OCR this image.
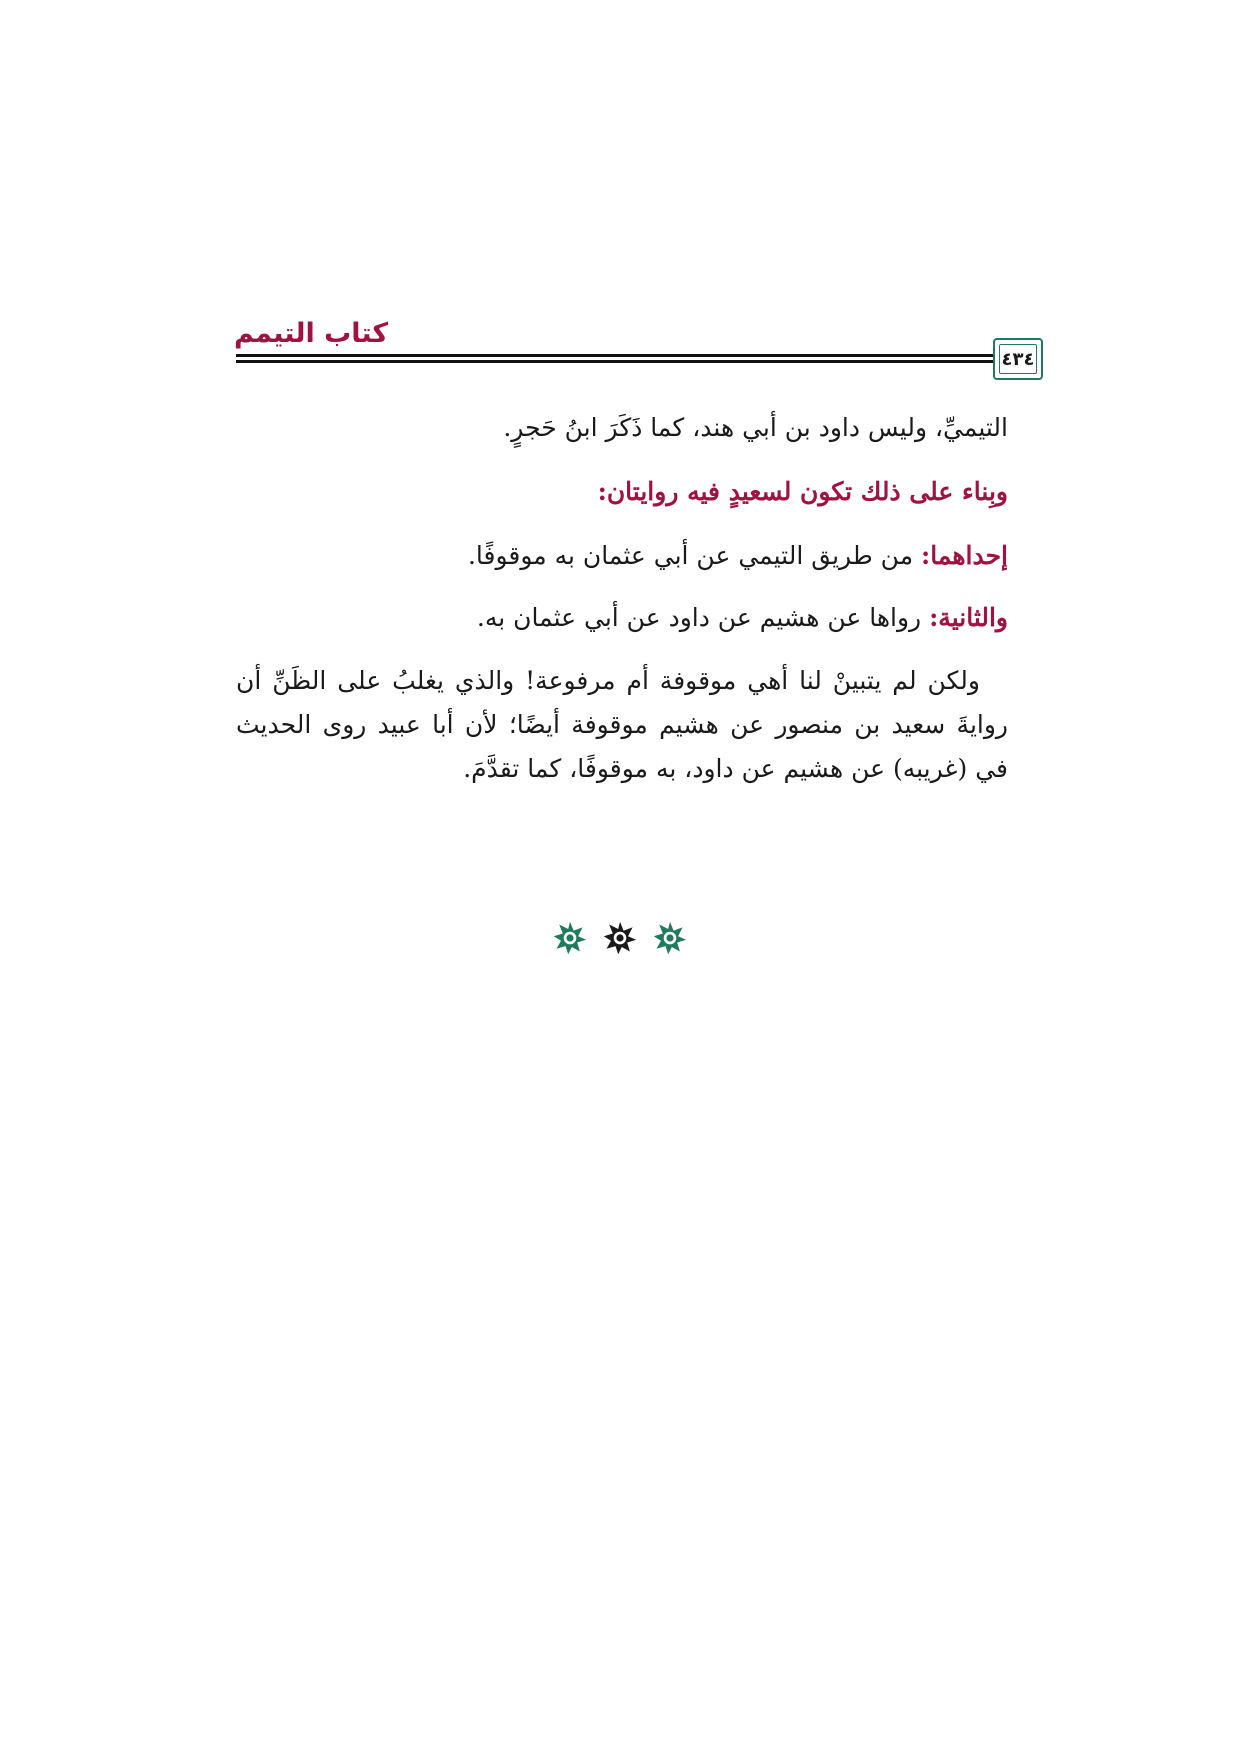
كتاب التيمم
٤٣٤

التيميِّ، وليس داود بن أبي هند، كما ذَكَرَ ابنُ حَجرٍ.

وبِناء على ذلك تكون لسعيدٍ فيه روايتان:

إحداهما: من طريق التيمي عن أبي عثمان به موقوفًا.

والثانية: رواها عن هشيم عن داود عن أبي عثمان به.

ولكن لم يتبينْ لنا أهي موقوفة أم مرفوعة! والذي يغلبُ على الظَنِّ أن روايةَ سعيد بن منصور عن هشيم موقوفة أيضًا؛ لأن أبا عبيد روى الحديث في (غريبه) عن هشيم عن داود، به موقوفًا، كما تقدَّمَ.
